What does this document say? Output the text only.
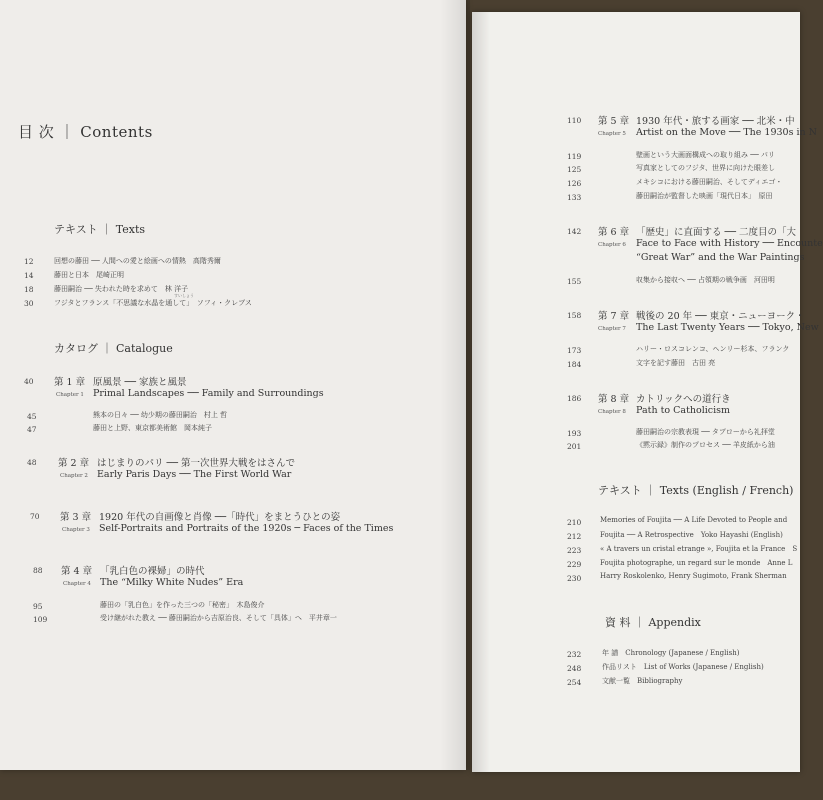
目 次 ｜ Contents
テキスト ｜ Texts
12	回想の藤田 ── 人間への愛と絵画への情熱　高階秀爾
14	藤田と日本　尾崎正明
18	藤田嗣治 ── 失われた時を求めて　林 洋子
すいしょう
30	フジタとフランス「不思議な水晶を通して」　ソフィ・クレブス
カタログ ｜ Catalogue
40 第 1 章 原風景 ── 家族と風景
Chapter 1 Primal Landscapes ── Family and Surroundings
45	熊本の日々 ── 幼少期の藤田嗣治　村上 哲
47	藤田と上野、東京都美術館　岡本純子
48 第 2 章 はじまりのパリ ── 第一次世界大戦をはさんで
Chapter 2 Early Paris Days ── The First World War
70 第 3 章 1920 年代の自画像と肖像 ──「時代」をまとうひとの姿
Chapter 3 Self-Portraits and Portraits of the 1920s ─ Faces of the Times
88 第 4 章 「乳白色の裸婦」の時代
Chapter 4 The “Milky White Nudes” Era
95	藤田の「乳白色」を作った三つの「秘密」　木島俊介
109	受け継がれた教え ── 藤田嗣治から吉原治良、そして「具体」へ　平井章一
110 第 5 章 1930 年代・旅する画家 ── 北米・中
Chapter 5 Artist on the Move ── The 1930s in N
119	壁画という大画面構成への取り組み ── パリ
125	写真家としてのフジタ、世界に向けた眼差し
126	メキシコにおける藤田嗣治、そしてディエゴ・
133	藤田嗣治が監督した映画「現代日本」　原田
142 第 6 章 「歴史」に直面する ── 二度目の「大
Chapter 6 Face to Face with History ── Encounte
“Great War” and the War Paintings
155	収集から接収へ ── 占領期の戦争画　河田明
158 第 7 章 戦後の 20 年 ── 東京・ニューヨーク・
Chapter 7 The Last Twenty Years ── Tokyo, New
173	ハリー・ロスコレンコ、ヘンリー杉本、フランク
184	文字を記す藤田　古田 亮
186 第 8 章 カトリックへの道行き
Chapter 8 Path to Catholicism
193	藤田嗣治の宗教表現 ── タブローから礼拝堂
201	《黙示録》制作のプロセス ── 羊皮紙から油
テキスト ｜ Texts (English / French)
210	Memories of Foujita ── A Life Devoted to People and
212	Foujita ── A Retrospective　Yoko Hayashi (English)
223	« A travers un cristal etrange », Foujita et la France　S
229	Foujita photographe, un regard sur le monde　Anne L
230	Harry Roskolenko, Henry Sugimoto, Frank Sherman
資 料 ｜ Appendix
232	年 譜　Chronology (Japanese / English)
248	作品リスト　List of Works (Japanese / English)
254	文献一覧　Bibliography
